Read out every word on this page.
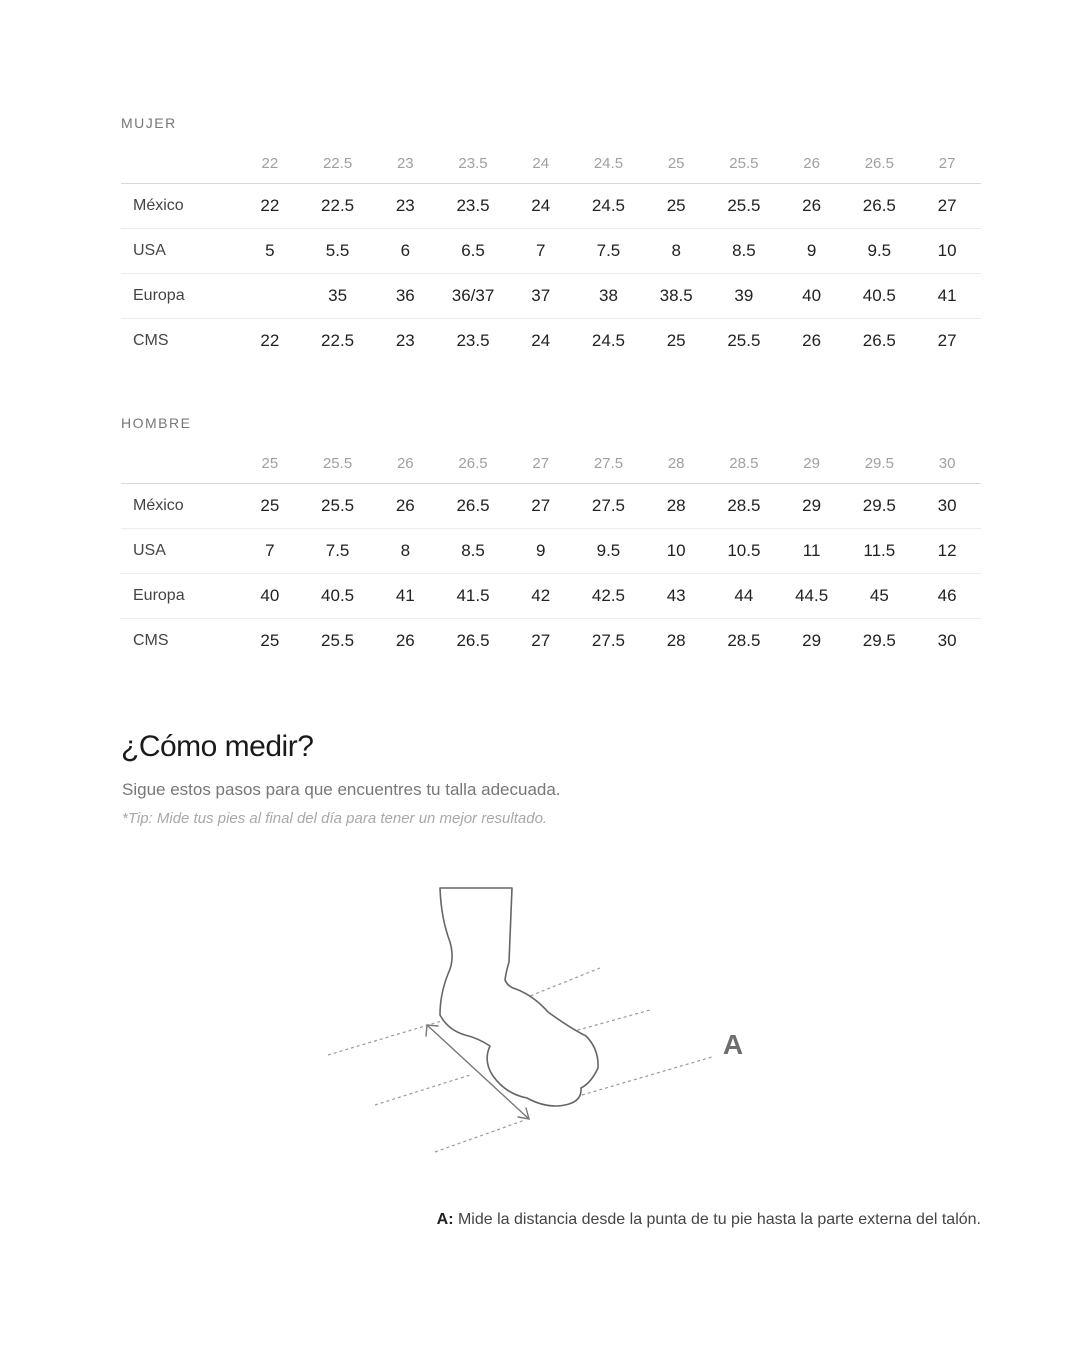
MUJER
	22	22.5	23	23.5	24	24.5	25	25.5	26	26.5	27
México	22	22.5	23	23.5	24	24.5	25	25.5	26	26.5	27
USA	5	5.5	6	6.5	7	7.5	8	8.5	9	9.5	10
Europa		35	36	36/37	37	38	38.5	39	40	40.5	41
CMS	22	22.5	23	23.5	24	24.5	25	25.5	26	26.5	27
HOMBRE
	25	25.5	26	26.5	27	27.5	28	28.5	29	29.5	30
México	25	25.5	26	26.5	27	27.5	28	28.5	29	29.5	30
USA	7	7.5	8	8.5	9	9.5	10	10.5	11	11.5	12
Europa	40	40.5	41	41.5	42	42.5	43	44	44.5	45	46
CMS	25	25.5	26	26.5	27	27.5	28	28.5	29	29.5	30
¿Cómo medir?
Sigue estos pasos para que encuentres tu talla adecuada.
*Tip: Mide tus pies al final del día para tener un mejor resultado.
A
A: Mide la distancia desde la punta de tu pie hasta la parte externa del talón.
